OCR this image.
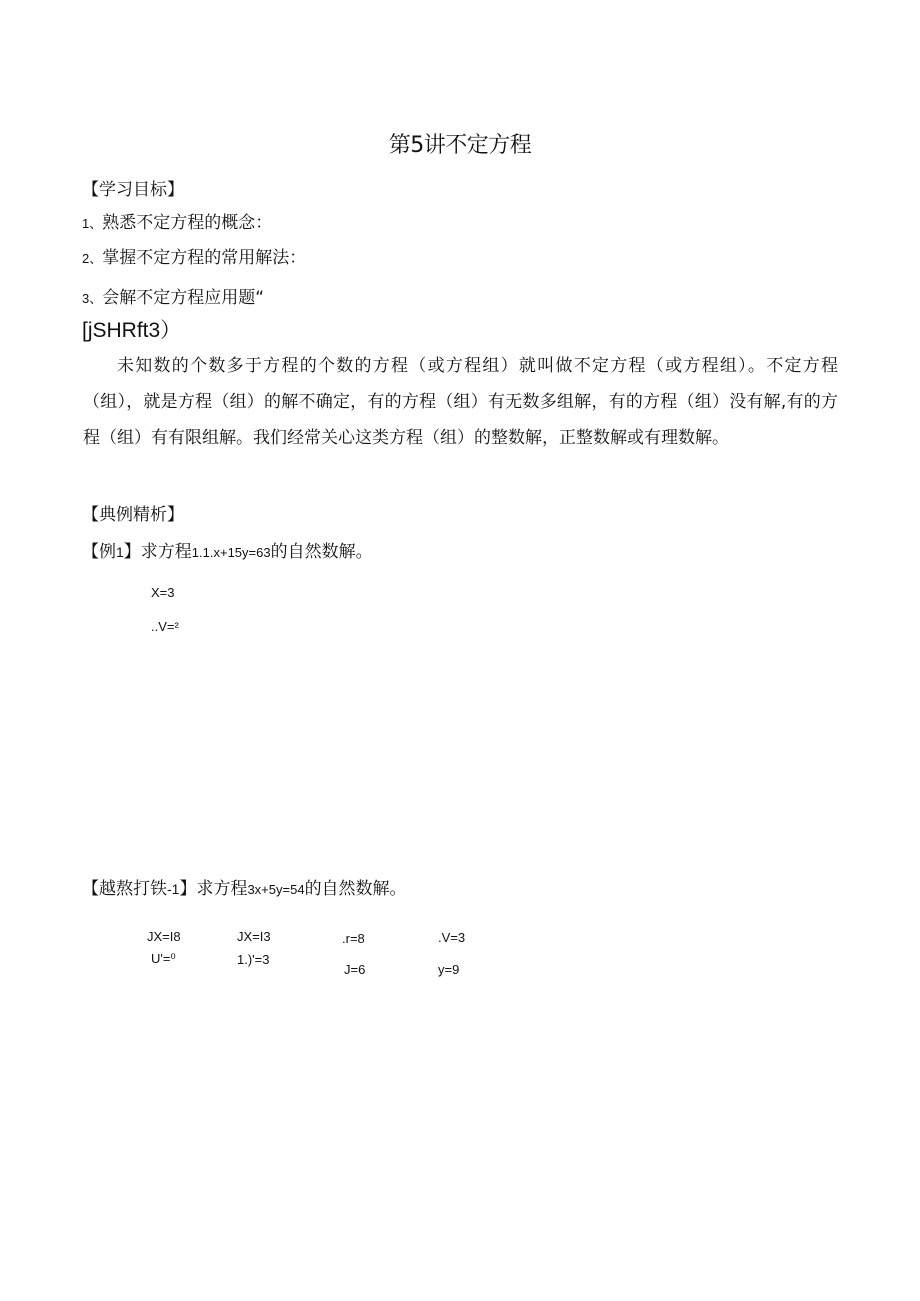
第5讲不定方程
【学习目标】
1、熟悉不定方程的概念：
2、掌握不定方程的常用解法：
3、会解不定方程应用题“
[jSHRft3）
未知数的个数多于方程的个数的方程（或方程组）就叫做不定方程（或方程组）。不定方程（组），就是方程（组）的解不确定，有的方程（组）有无数多组解，有的方程（组）没有解,有的方程（组）有有限组解。我们经常关心这类方程（组）的整数解，正整数解或有理数解。
【典例精析】
【例1】求方程1.1.x+15y=63的自然数解。
X=3
..V=²
【越熬打铁-1】求方程3x+5y=54的自然数解。
JX=I8
U'=⁰
JX=I3
1.)'=3
.r=8
J=6
.V=3
y=9
